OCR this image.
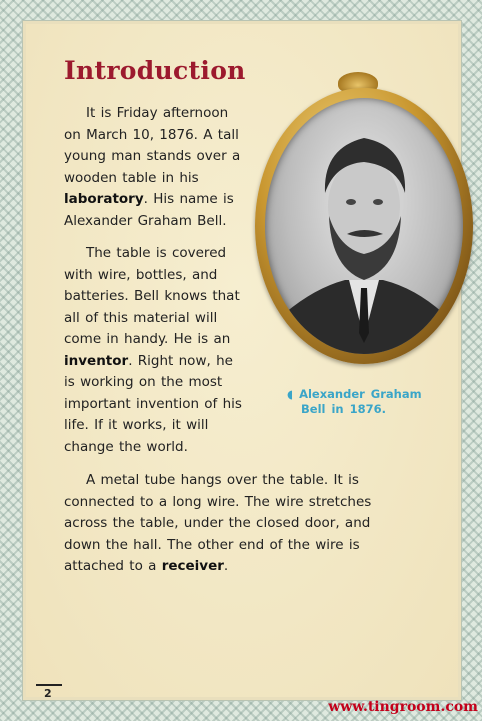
Introduction

It is Friday afternoon on March 10, 1876. A tall young man stands over a wooden table in his laboratory. His name is Alexander Graham Bell.

The table is covered with wire, bottles, and batteries. Bell knows that all of this material will come in handy. He is an inventor. Right now, he is working on the most important invention of his life. If it works, it will change the world.

A metal tube hangs over the table. It is connected to a long wire. The wire stretches across the table, under the closed door, and down the hall. The other end of the wire is attached to a receiver.

◖ Alexander Graham
Bell in 1876.

2

www.tingroom.com
